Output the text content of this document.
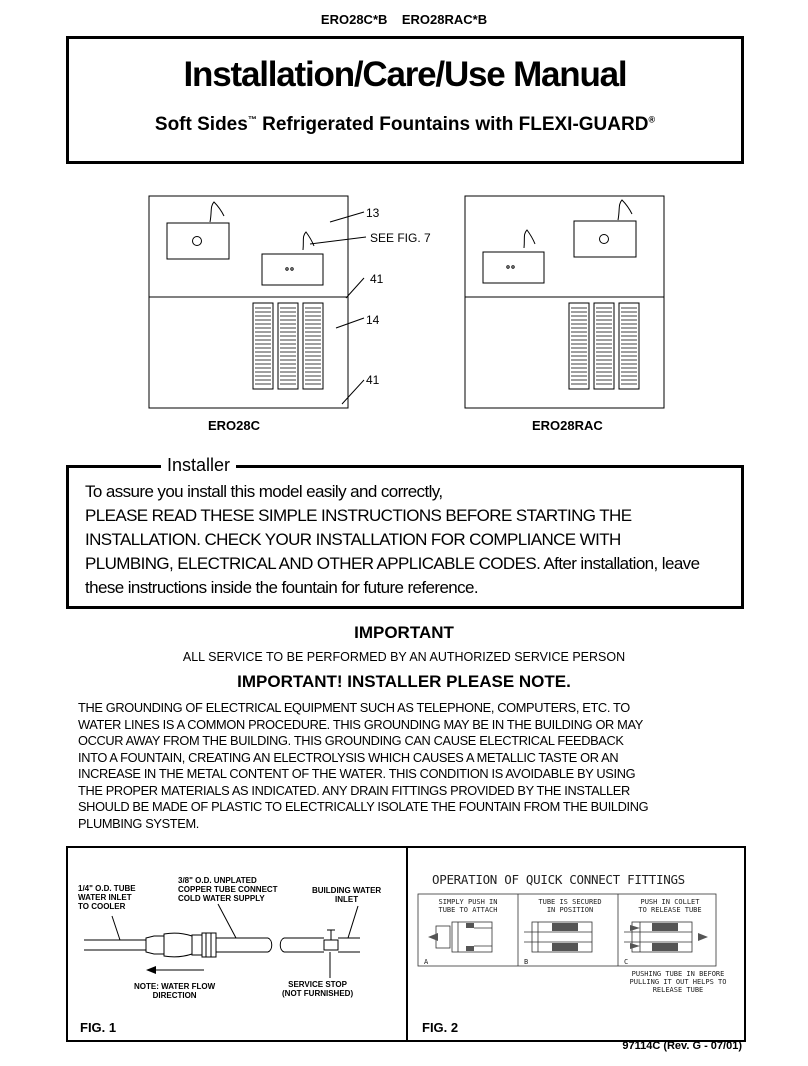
ERO28C*B    ERO28RAC*B
Installation/Care/Use Manual
Soft Sides™ Refrigerated Fountains with FLEXI-GUARD®
13
SEE FIG. 7
41
14
41
ERO28C	ERO28RAC
Installer
To assure you install this model easily and correctly,
PLEASE READ THESE SIMPLE INSTRUCTIONS BEFORE STARTING THE
INSTALLATION. CHECK YOUR INSTALLATION FOR COMPLIANCE WITH
PLUMBING, ELECTRICAL AND OTHER APPLICABLE CODES. After installation, leave
these instructions inside the fountain for future reference.
IMPORTANT
ALL SERVICE TO BE PERFORMED BY AN AUTHORIZED SERVICE PERSON
IMPORTANT! INSTALLER PLEASE NOTE.
THE GROUNDING OF ELECTRICAL EQUIPMENT SUCH AS TELEPHONE, COMPUTERS, ETC. TO
WATER LINES IS A COMMON PROCEDURE. THIS GROUNDING MAY BE IN THE BUILDING OR MAY
OCCUR AWAY FROM THE BUILDING. THIS GROUNDING CAN CAUSE ELECTRICAL FEEDBACK
INTO A FOUNTAIN, CREATING AN ELECTROLYSIS WHICH CAUSES A METALLIC TASTE OR AN
INCREASE IN THE METAL CONTENT OF THE WATER. THIS CONDITION IS AVOIDABLE BY USING
THE PROPER MATERIALS AS INDICATED. ANY DRAIN FITTINGS PROVIDED BY THE INSTALLER
SHOULD BE MADE OF PLASTIC TO ELECTRICALLY ISOLATE THE FOUNTAIN FROM THE BUILDING
PLUMBING SYSTEM.
1/4" O.D. TUBE
WATER INLET
TO COOLER
3/8" O.D. UNPLATED
COPPER TUBE CONNECT
COLD WATER SUPPLY
BUILDING WATER
INLET
NOTE: WATER FLOW
DIRECTION
SERVICE STOP
(NOT FURNISHED)
FIG. 1
OPERATION OF QUICK CONNECT FITTINGS
SIMPLY PUSH IN
TUBE TO ATTACH
TUBE IS SECURED
IN POSITION
PUSH IN COLLET
TO RELEASE TUBE
A	B	C
PUSHING TUBE IN BEFORE
PULLING IT OUT HELPS TO
RELEASE TUBE
FIG. 2
97114C (Rev. G - 07/01)
